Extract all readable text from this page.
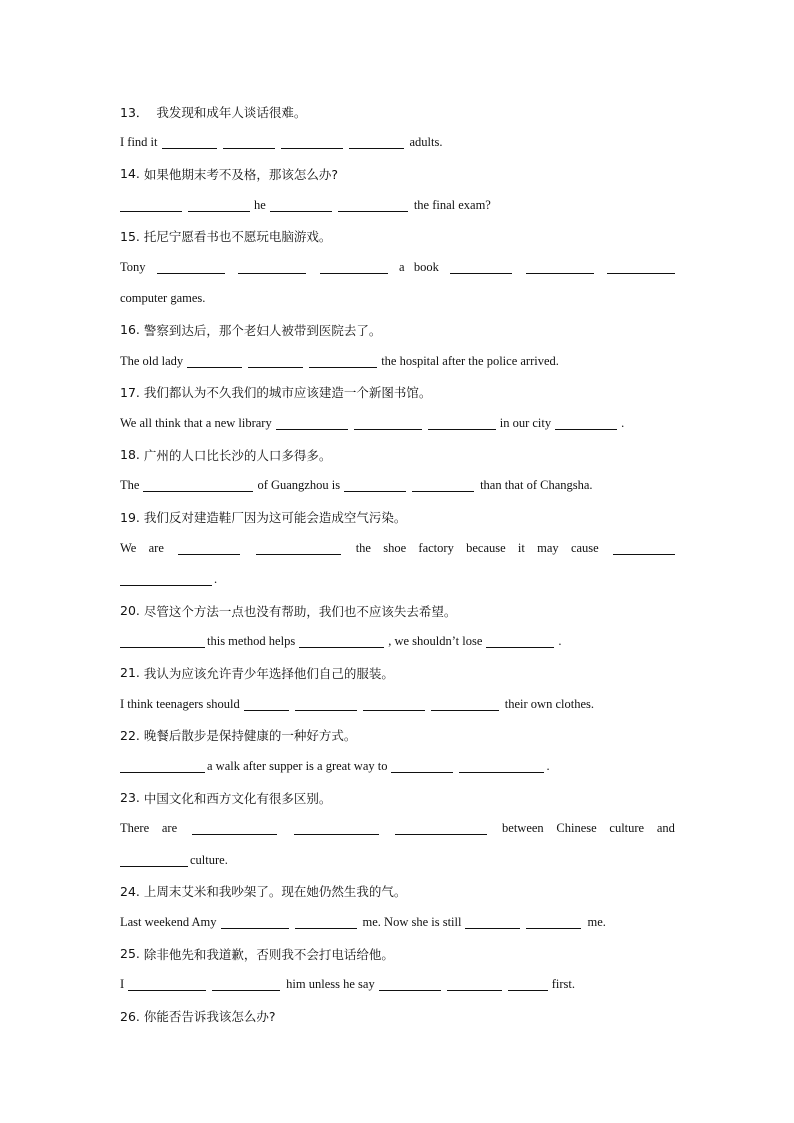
13．
我发现和成年人谈话很难。
I find it	adults.
14.
如果他期末考不及格，那该怎么办?
he	the final exam?
15.
托尼宁愿看书也不愿玩电脑游戏。
Tony	a book
computer games.
16.
警察到达后，那个老妇人被带到医院去了。
The old lady	the hospital after the police arrived.
17.
我们都认为不久我们的城市应该建造一个新图书馆。
We all think that a new library	in our city	.
18.
广州的人口比长沙的人口多得多。
The	of Guangzhou is	than that of Changsha.
19.
我们反对建造鞋厂因为这可能会造成空气污染。
We are	the shoe factory because it may cause
.
20.
尽管这个方法一点也没有帮助，我们也不应该失去希望。
this method helps	, we shouldn’t lose	.
21.
我认为应该允许青少年选择他们自己的服装。
I think teenagers should	their own clothes.
22.
晚餐后散步是保持健康的一种好方式。
a walk after supper is a great way to	.
23.
中国文化和西方文化有很多区别。
There are	between Chinese culture and
culture.
24.
上周末艾米和我吵架了。现在她仍然生我的气。
Last weekend Amy	me. Now she is still	me.
25.
除非他先和我道歉，否则我不会打电话给他。
I	him unless he say	first.
26.
你能否告诉我该怎么办?
